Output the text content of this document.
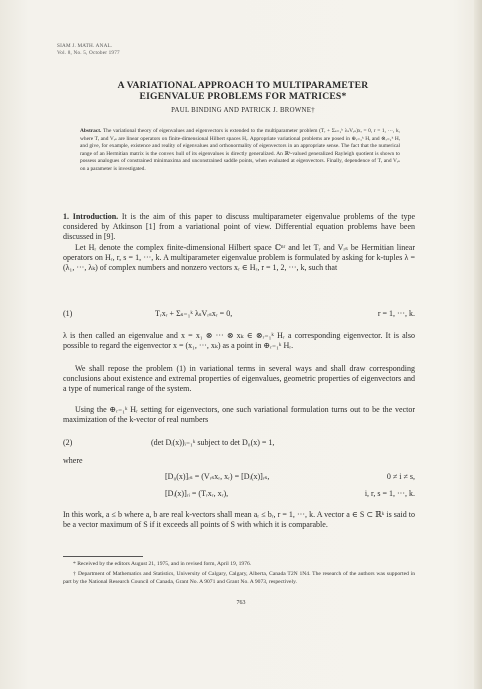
SIAM J. MATH. ANAL.
Vol. 8, No. 5, October 1977
A VARIATIONAL APPROACH TO MULTIPARAMETER
EIGENVALUE PROBLEMS FOR MATRICES*
PAUL BINDING AND PATRICK J. BROWNE†
Abstract. The variational theory of eigenvalues and eigenvectors is extended to the multiparameter problem (Tᵣ + Σₛ₌₁ᵏ λₛVᵣₛ)xᵣ = 0, r = 1, ···, k, where Tᵣ and Vᵣₛ are linear operators on finite-dimensional Hilbert spaces Hᵣ. Appropriate variational problems are posed in ⊕ᵣ₌₁ᵏ Hᵣ and ⊗ᵣ₌₁ᵏ Hᵣ and give, for example, existence and reality of eigenvalues and orthonormality of eigenvectors in an appropriate sense. The fact that the numerical range of an Hermitian matrix is the convex hull of its eigenvalues is directly generalized. An ℝᵏ-valued generalized Rayleigh quotient is shown to possess analogues of constrained minimaxima and unconstrained saddle points, when evaluated at eigenvectors. Finally, dependence of Tᵣ and Vᵣₛ on a parameter is investigated.
1. Introduction. It is the aim of this paper to discuss multiparameter eigenvalue problems of the type considered by Atkinson [1] from a variational point of view. Differential equation problems have been discussed in [9].
Let Hᵣ denote the complex finite-dimensional Hilbert space ℂⁿʳ and let Tᵣ and Vᵣₛ be Hermitian linear operators on Hᵣ, r, s = 1, ···, k. A multiparameter eigenvalue problem is formulated by asking for k-tuples λ = (λ₁, ···, λₖ) of complex numbers and nonzero vectors xᵣ ∈ Hᵣ, r = 1, 2, ···, k, such that
(1)	Tᵣxᵣ + Σₛ₌₁ᵏ λₛVᵣₛxᵣ = 0,	r = 1, ···, k.
λ is then called an eigenvalue and x = x₁ ⊗ ··· ⊗ xₖ ∈ ⊗ᵣ₌₁ᵏ Hᵣ a corresponding eigenvector. It is also possible to regard the eigenvector x = (x₁, ···, xₖ) as a point in ⊕ᵣ₌₁ᵏ Hᵣ.
We shall repose the problem (1) in variational terms in several ways and shall draw corresponding conclusions about existence and extremal properties of eigenvalues, geometric properties of eigenvectors and a type of numerical range of the system.
Using the ⊕ᵣ₌₁ᵏ Hᵣ setting for eigenvectors, one such variational formulation turns out to be the vector maximization of the k-vector of real numbers
(2)	(det Dᵢ(x))ᵢ₌₁ᵏ subject to det D₀(x) = 1,
where
[D₀(x)]ᵣₛ = (Vᵣₛxᵣ, xᵣ) = [Dᵢ(x)]ᵣₛ,	0 ≠ i ≠ s,
[Dᵢ(x)]ᵣᵢ = (Tᵣxᵣ, xᵣ),	i, r, s = 1, ···, k.
In this work, a ≤ b where a, b are real k-vectors shall mean aᵣ ≤ bᵣ, r = 1, ···, k. A vector a ∈ S ⊂ ℝᵏ is said to be a vector maximum of S if it exceeds all points of S with which it is comparable.
* Received by the editors August 21, 1975, and in revised form, April 19, 1976.
† Department of Mathematics and Statistics, University of Calgary, Calgary, Alberta, Canada T2N 1N4. The research of the authors was supported in part by the National Research Council of Canada, Grant No. A 9071 and Grant No. A 9073, respectively.
763
